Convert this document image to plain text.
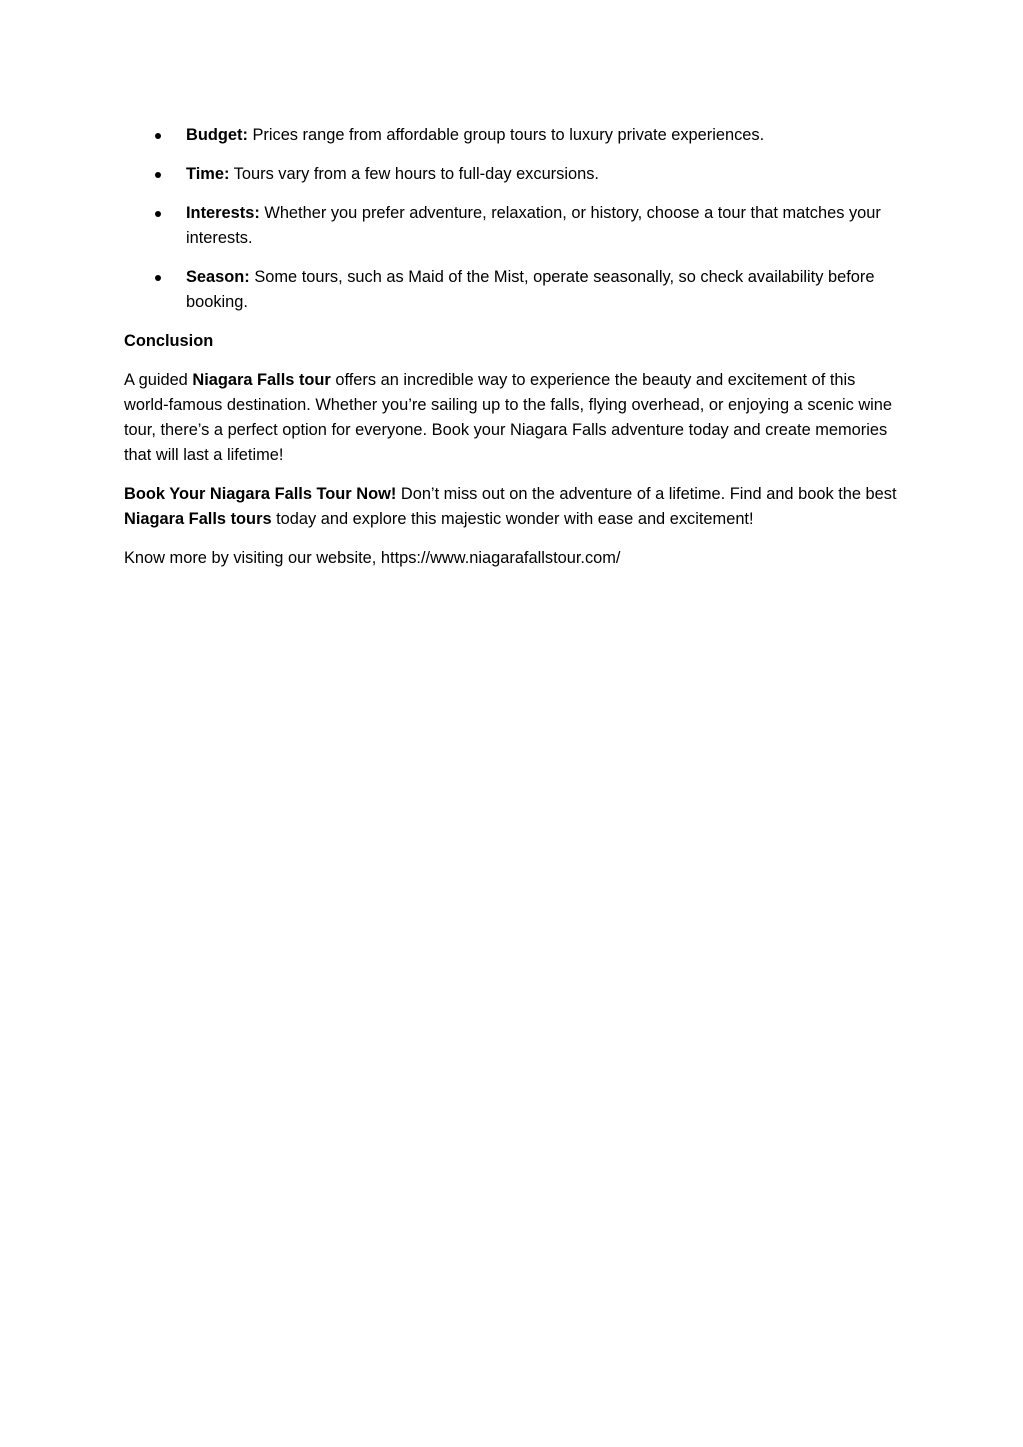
Budget: Prices range from affordable group tours to luxury private experiences.
Time: Tours vary from a few hours to full-day excursions.
Interests: Whether you prefer adventure, relaxation, or history, choose a tour that matches your interests.
Season: Some tours, such as Maid of the Mist, operate seasonally, so check availability before booking.
Conclusion

A guided Niagara Falls tour offers an incredible way to experience the beauty and excitement of this world-famous destination. Whether you’re sailing up to the falls, flying overhead, or enjoying a scenic wine tour, there’s a perfect option for everyone. Book your Niagara Falls adventure today and create memories that will last a lifetime!

Book Your Niagara Falls Tour Now! Don’t miss out on the adventure of a lifetime. Find and book the best Niagara Falls tours today and explore this majestic wonder with ease and excitement!

Know more by visiting our website, https://www.niagarafallstour.com/
